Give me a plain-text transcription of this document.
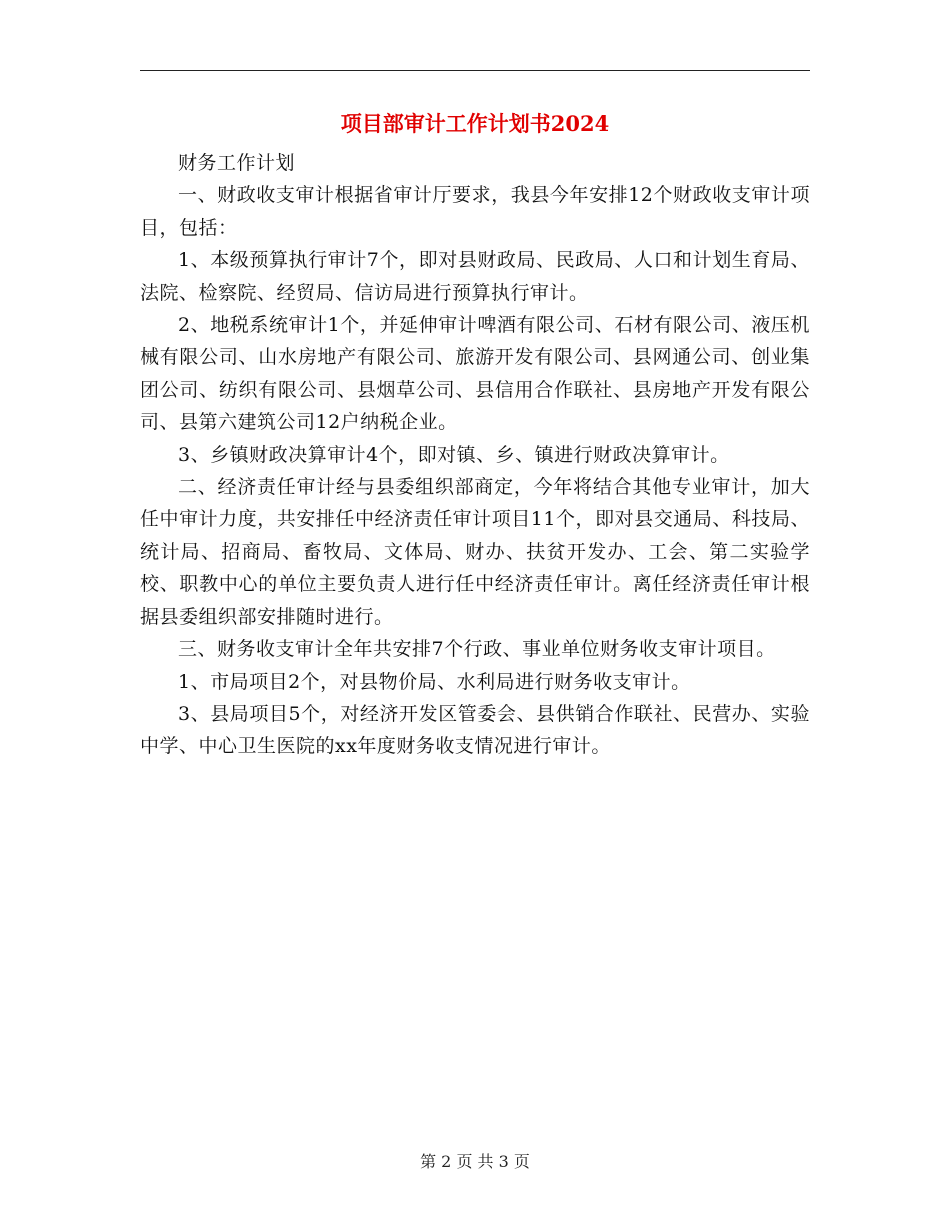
项目部审计工作计划书2024

财务工作计划

一、财政收支审计根据省审计厅要求，我县今年安排12个财政收支审计项目，包括：

1、本级预算执行审计7个，即对县财政局、民政局、人口和计划生育局、法院、检察院、经贸局、信访局进行预算执行审计。

2、地税系统审计1个，并延伸审计啤酒有限公司、石材有限公司、液压机械有限公司、山水房地产有限公司、旅游开发有限公司、县网通公司、创业集团公司、纺织有限公司、县烟草公司、县信用合作联社、县房地产开发有限公司、县第六建筑公司12户纳税企业。

3、乡镇财政决算审计4个，即对镇、乡、镇进行财政决算审计。

二、经济责任审计经与县委组织部商定，今年将结合其他专业审计，加大任中审计力度，共安排任中经济责任审计项目11个，即对县交通局、科技局、统计局、招商局、畜牧局、文体局、财办、扶贫开发办、工会、第二实验学校、职教中心的单位主要负责人进行任中经济责任审计。离任经济责任审计根据县委组织部安排随时进行。

三、财务收支审计全年共安排7个行政、事业单位财务收支审计项目。

1、市局项目2个，对县物价局、水利局进行财务收支审计。

3、县局项目5个，对经济开发区管委会、县供销合作联社、民营办、实验中学、中心卫生医院的xx年度财务收支情况进行审计。

第 2 页 共 3 页
